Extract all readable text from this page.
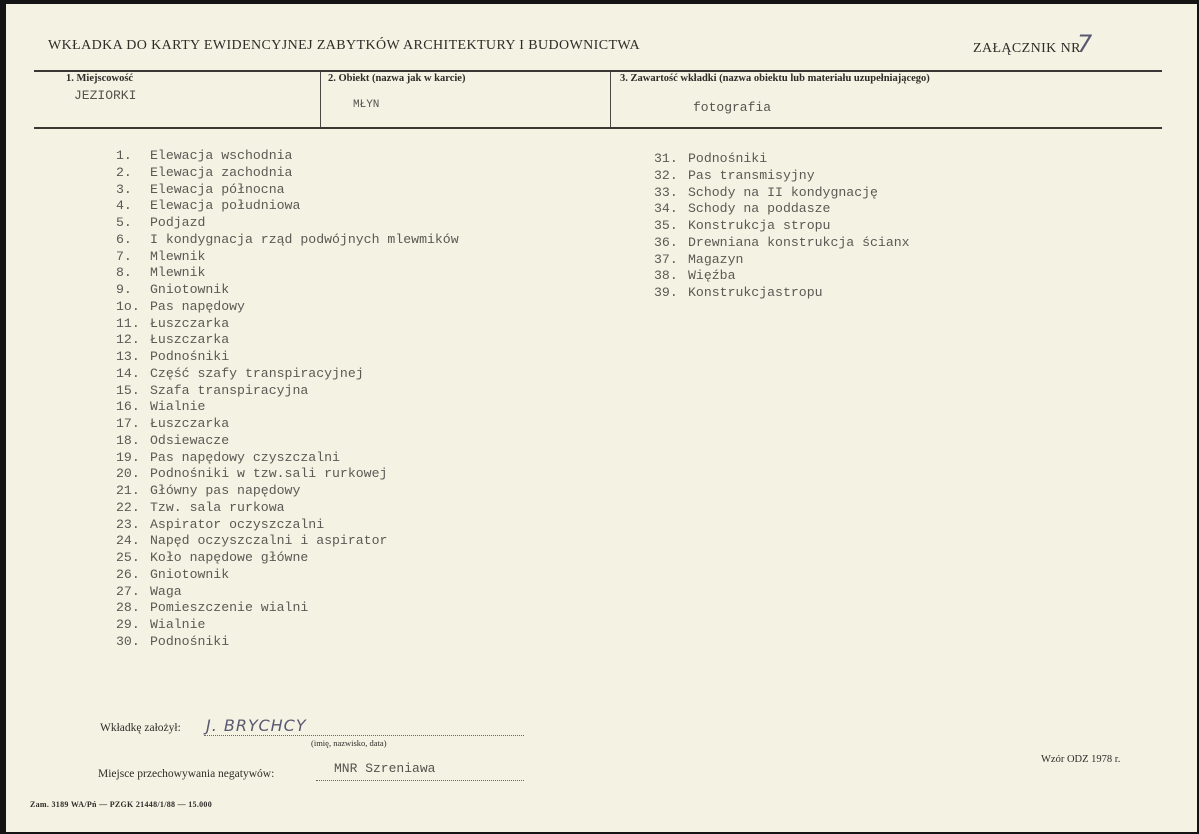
WKŁADKA DO KARTY EWIDENCYJNEJ ZABYTKÓW ARCHITEKTURY I BUDOWNICTWA	ZAŁĄCZNIK NR
7
1. Miejscowość
JEZIORKI
2. Obiekt (nazwa jak w karcie)
MŁYN
3. Zawartość wkładki (nazwa obiektu lub materiału uzupełniającego)
fotografia
1. Elewacja wschodnia
2. Elewacja zachodnia
3. Elewacja północna
4. Elewacja południowa
5. Podjazd
6. I kondygnacja rząd podwójnych mlewmików
7. Mlewnik
8. Mlewnik
9. Gniotownik
1o. Pas napędowy
11. Łuszczarka
12. Łuszczarka
13. Podnośniki
14. Część szafy transpiracyjnej
15. Szafa transpiracyjna
16. Wialnie
17. Łuszczarka
18. Odsiewacze
19. Pas napędowy czyszczalni
20. Podnośniki w tzw.sali rurkowej
21. Główny pas napędowy
22. Tzw. sala rurkowa
23. Aspirator oczyszczalni
24. Napęd oczyszczalni i aspirator
25. Koło napędowe główne
26. Gniotownik
27. Waga
28. Pomieszczenie wialni
29. Wialnie
30. Podnośniki
31. Podnośniki
32. Pas transmisyjny
33. Schody na II kondygnację
34. Schody na poddasze
35. Konstrukcja stropu
36. Drewniana konstrukcja ścianx
37. Magazyn
38. Więźba
39. Konstrukcjastropu
Wkładkę założył: J. BRYCHCY
(imię, nazwisko, data)
Miejsce przechowywania negatywów:	MNR Szreniawa
Wzór ODZ 1978 r.
Zam. 3189 WA/Pń — PZGK 21448/1/88 — 15.000
